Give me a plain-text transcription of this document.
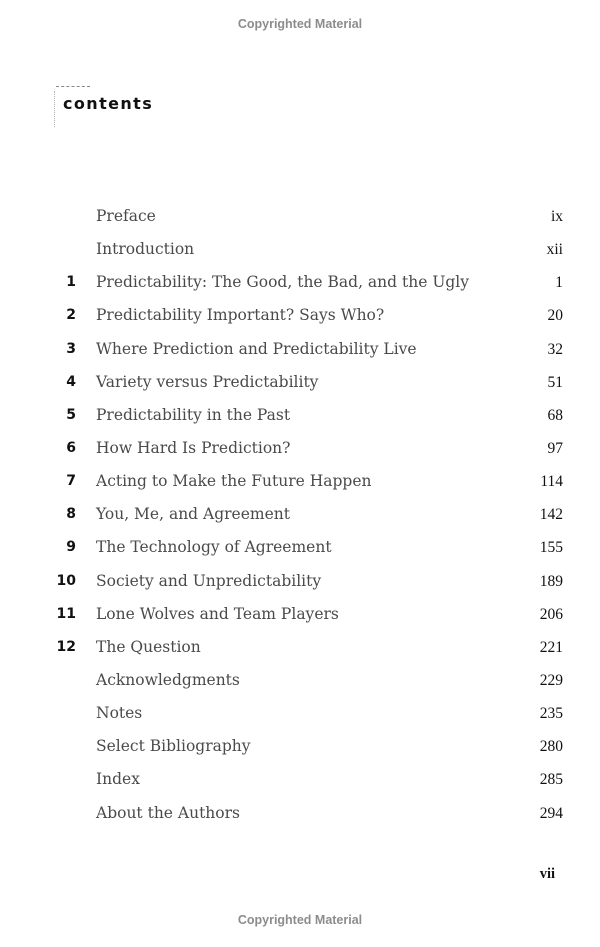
Copyrighted Material
contents
Preface	ix
Introduction	xii
1 Predictability: The Good, the Bad, and the Ugly	1
2 Predictability Important? Says Who?	20
3 Where Prediction and Predictability Live	32
4 Variety versus Predictability	51
5 Predictability in the Past	68
6 How Hard Is Prediction?	97
7 Acting to Make the Future Happen	114
8 You, Me, and Agreement	142
9 The Technology of Agreement	155
10 Society and Unpredictability	189
11 Lone Wolves and Team Players	206
12 The Question	221
Acknowledgments	229
Notes	235
Select Bibliography	280
Index	285
About the Authors	294
vii
Copyrighted Material
